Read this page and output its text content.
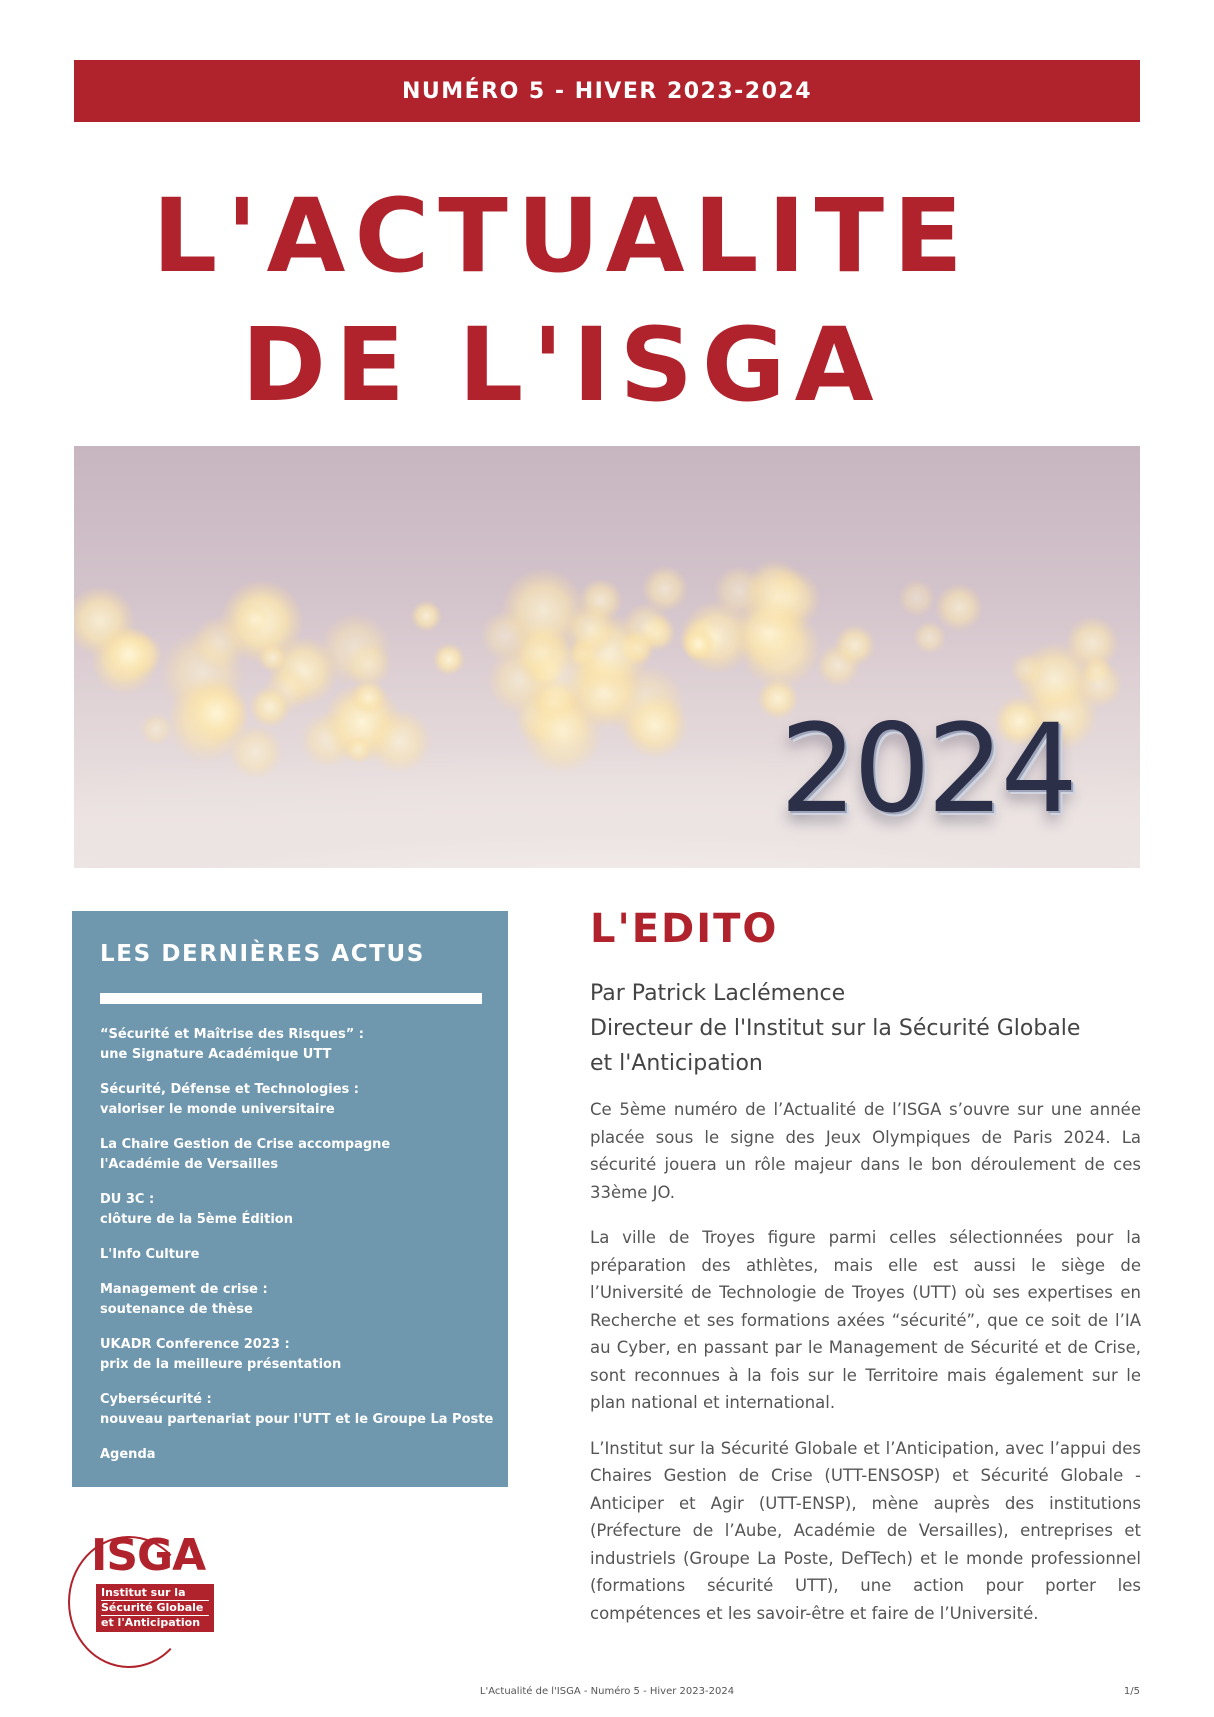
NUMÉRO 5 - HIVER 2023-2024
L'ACTUALITE
DE L'ISGA
2024
LES DERNIÈRES ACTUS
“Sécurité et Maîtrise des Risques” :
une Signature Académique UTT
Sécurité, Défense et Technologies :
valoriser le monde universitaire
La Chaire Gestion de Crise accompagne
l'Académie de Versailles
DU 3C :
clôture de la 5ème Édition
L'Info Culture
Management de crise :
soutenance de thèse
UKADR Conference 2023 :
prix de la meilleure présentation
Cybersécurité :
nouveau partenariat pour l'UTT et le Groupe La Poste
Agenda
ISGA
Institut sur la
Sécurité Globale
et l'Anticipation
L'EDITO
Par Patrick Laclémence
Directeur de l'Institut sur la Sécurité Globale
et l'Anticipation

Ce 5ème numéro de l’Actualité de l’ISGA s’ouvre sur une année placée sous le signe des Jeux Olympiques de Paris 2024. La sécurité jouera un rôle majeur dans le bon déroulement de ces 33ème JO.

La ville de Troyes figure parmi celles sélectionnées pour la préparation des athlètes, mais elle est aussi le siège de l’Université de Technologie de Troyes (UTT) où ses expertises en Recherche et ses formations axées “sécurité”, que ce soit de l’IA au Cyber, en passant par le Management de Sécurité et de Crise, sont reconnues à la fois sur le Territoire mais également sur le plan national et international.

L’Institut sur la Sécurité Globale et l’Anticipation, avec l’appui des Chaires Gestion de Crise (UTT-ENSOSP) et Sécurité Globale - Anticiper et Agir (UTT-ENSP), mène auprès des institutions (Préfecture de l’Aube, Académie de Versailles), entreprises et industriels (Groupe La Poste, DefTech) et le monde professionnel (formations sécurité UTT), une action pour porter les compétences et les savoir-être et faire de l’Université.

L'Actualité de l'ISGA - Numéro 5 - Hiver 2023-2024	1/5
